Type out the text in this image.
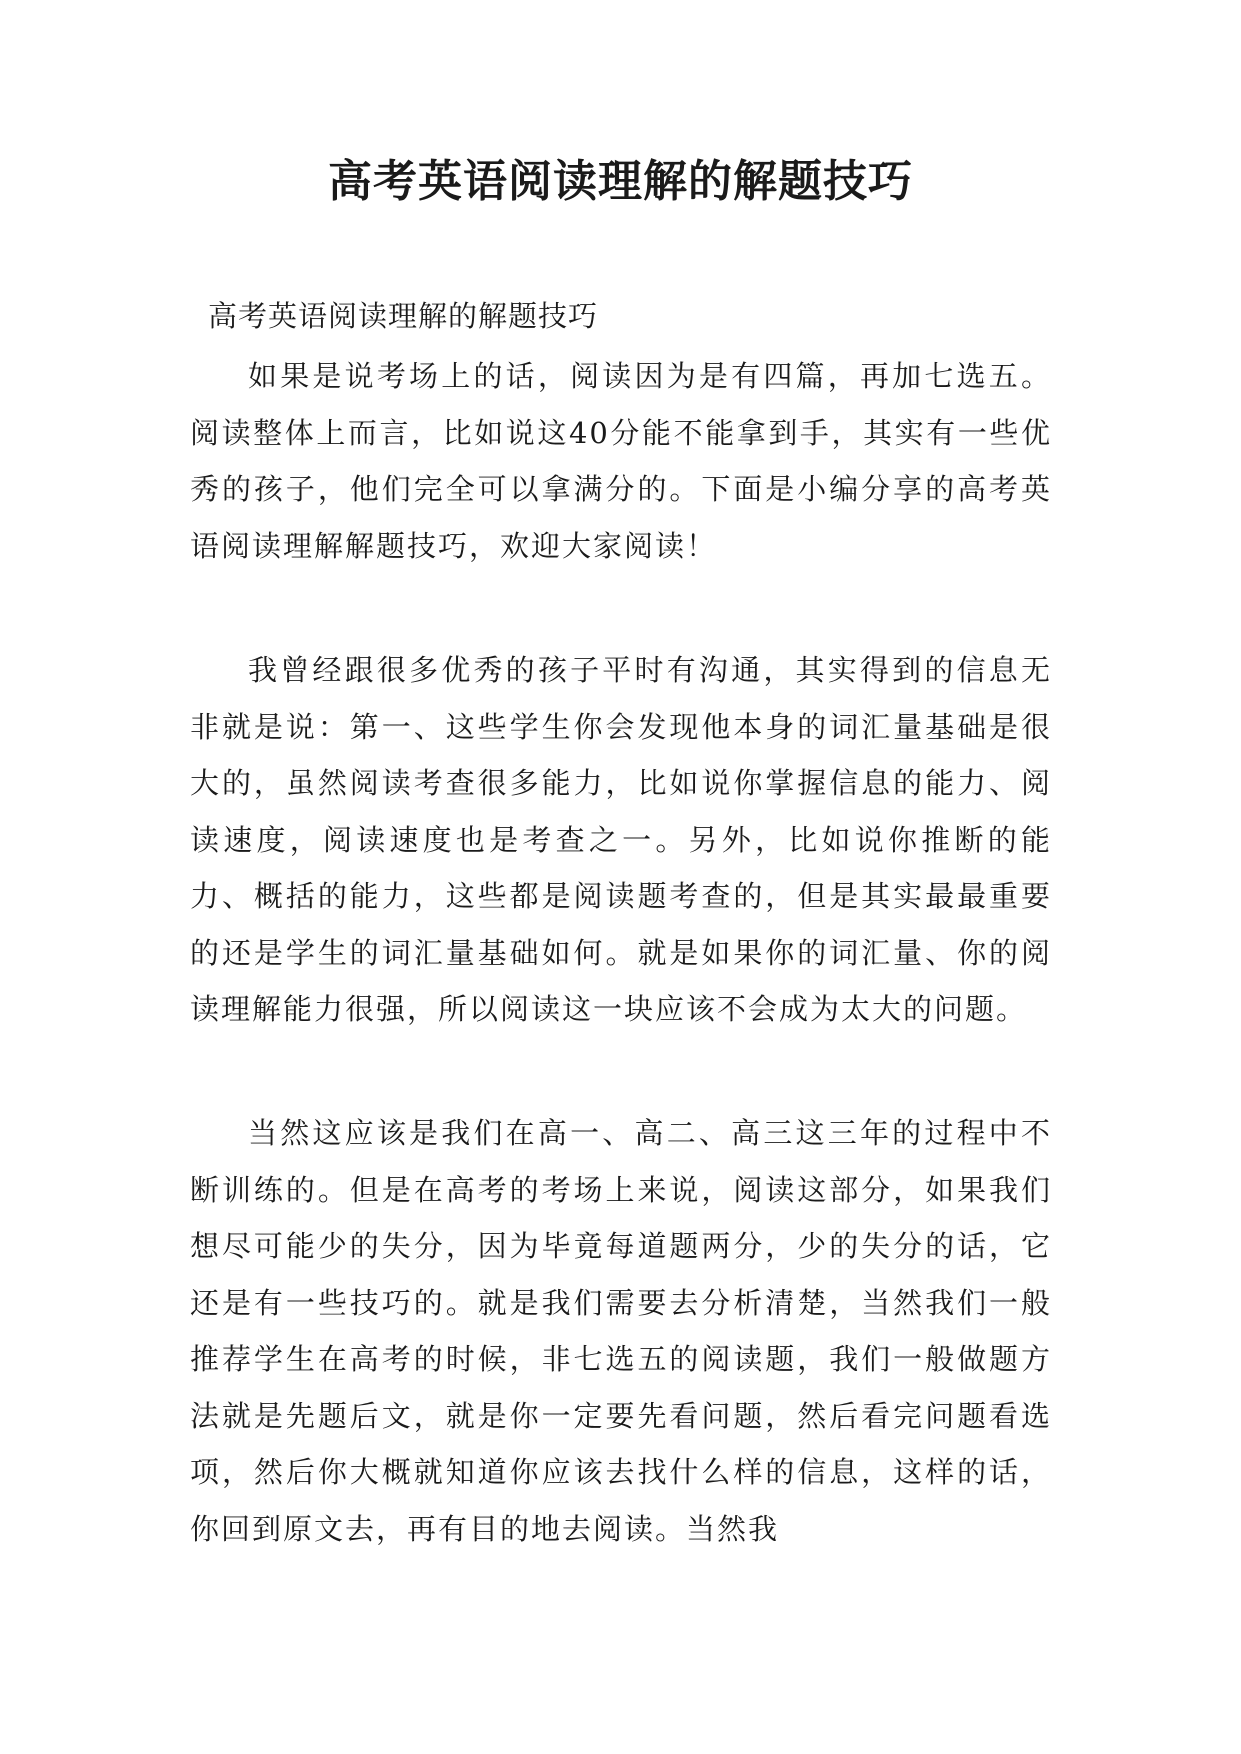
高考英语阅读理解的解题技巧

高考英语阅读理解的解题技巧

如果是说考场上的话，阅读因为是有四篇，再加七选五。阅读整体上而言，比如说这40分能不能拿到手，其实有一些优秀的孩子，他们完全可以拿满分的。下面是小编分享的高考英语阅读理解解题技巧，欢迎大家阅读！

我曾经跟很多优秀的孩子平时有沟通，其实得到的信息无非就是说：第一、这些学生你会发现他本身的词汇量基础是很大的，虽然阅读考查很多能力，比如说你掌握信息的能力、阅读速度，阅读速度也是考查之一。另外，比如说你推断的能力、概括的能力，这些都是阅读题考查的，但是其实最最重要的还是学生的词汇量基础如何。就是如果你的词汇量、你的阅读理解能力很强，所以阅读这一块应该不会成为太大的问题。

当然这应该是我们在高一、高二、高三这三年的过程中不断训练的。但是在高考的考场上来说，阅读这部分，如果我们想尽可能少的失分，因为毕竟每道题两分，少的失分的话，它还是有一些技巧的。就是我们需要去分析清楚，当然我们一般推荐学生在高考的时候，非七选五的阅读题，我们一般做题方法就是先题后文，就是你一定要先看问题，然后看完问题看选项，然后你大概就知道你应该去找什么样的信息，这样的话，你回到原文去，再有目的地去阅读。当然我
